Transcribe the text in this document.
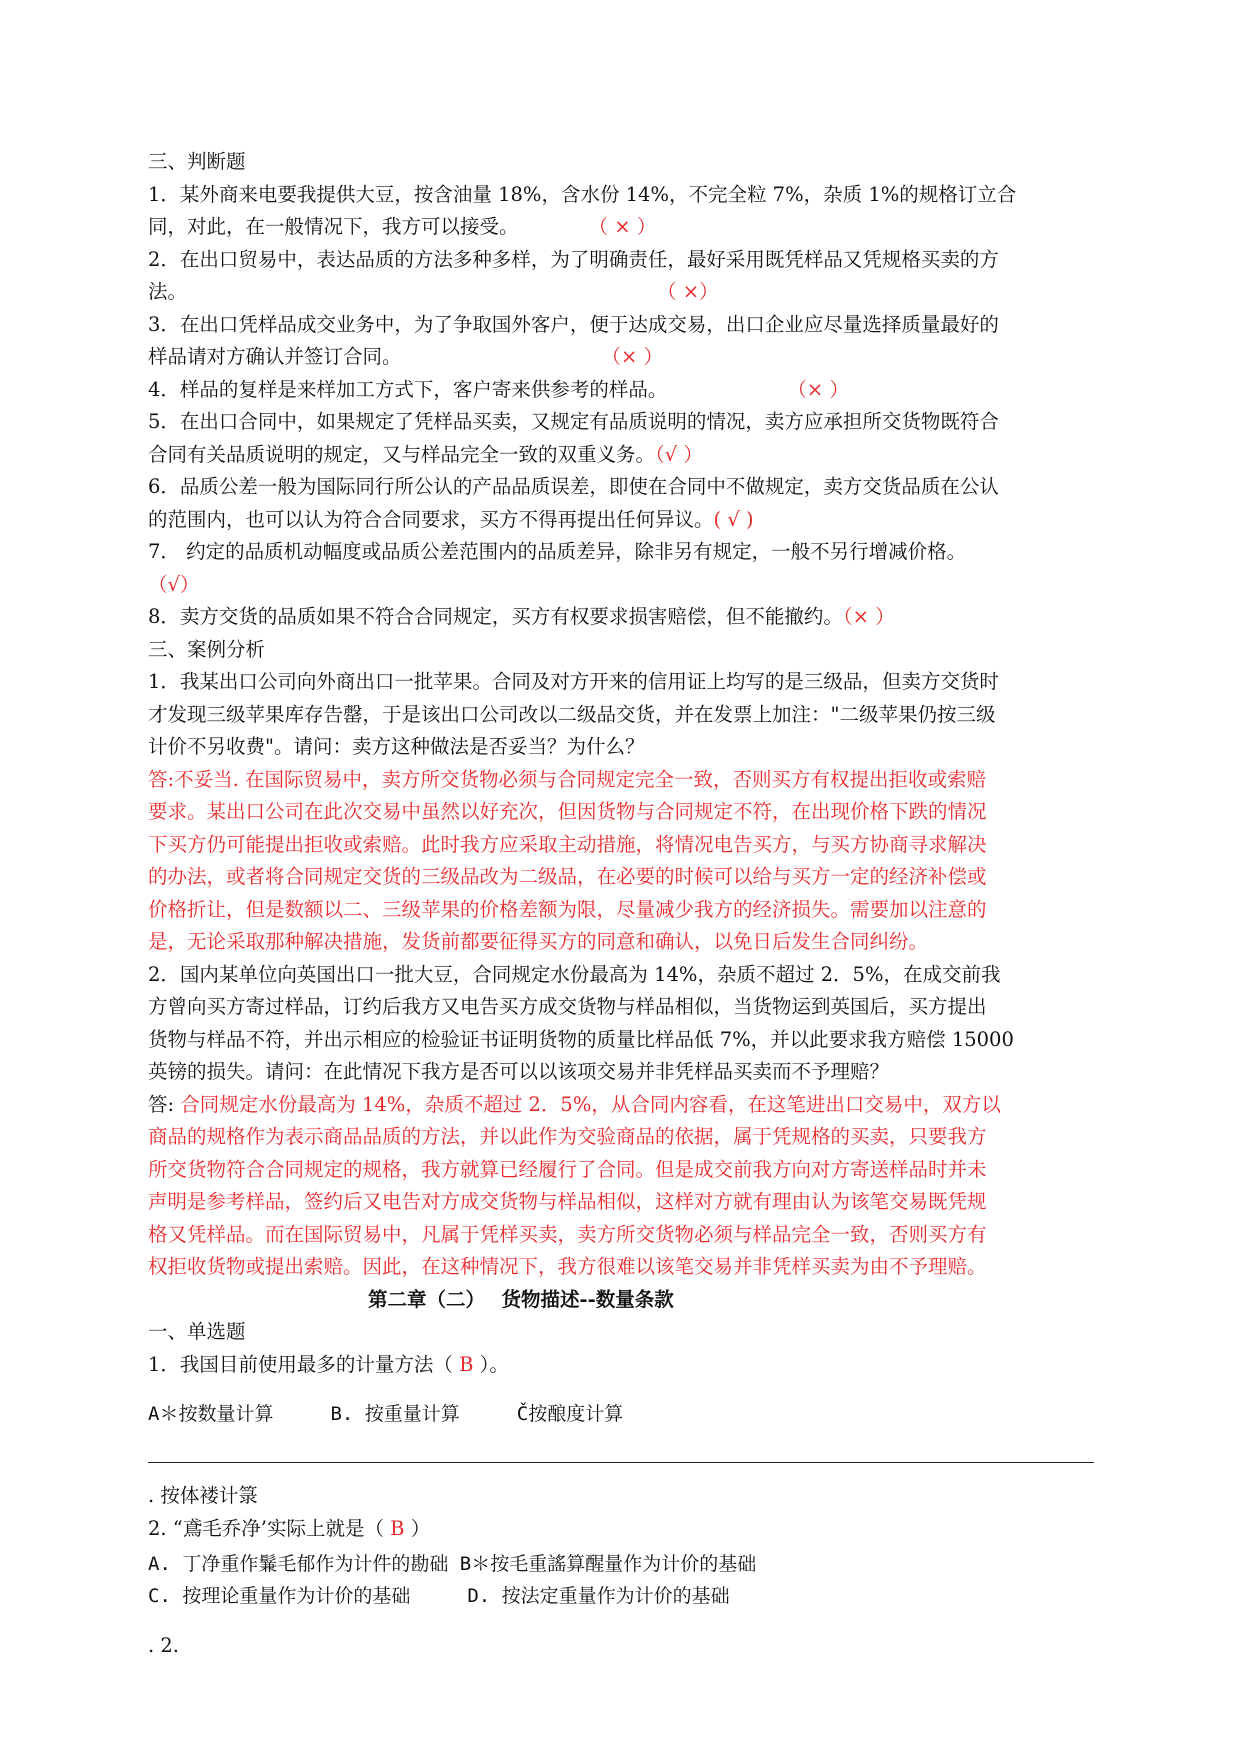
三、判断题
1．某外商来电要我提供大豆，按含油量 18%，含水份 14%，不完全粒 7%，杂质 1%的规格订立合
同，对此，在一般情况下，我方可以接受。	（ × ）
2．在出口贸易中，表达品质的方法多种多样，为了明确责任，最好采用既凭样品又凭规格买卖的方
法。	（ ×）
3．在出口凭样品成交业务中，为了争取国外客户，便于达成交易，出口企业应尽量选择质量最好的
样品请对方确认并签订合同。	（× ）
4．样品的复样是来样加工方式下，客户寄来供参考的样品。	（× ）
5．在出口合同中，如果规定了凭样品买卖，又规定有品质说明的情况，卖方应承担所交货物既符合
合同有关品质说明的规定，又与样品完全一致的双重义务。（√ ）
6．品质公差一般为国际同行所公认的产品品质误差，即使在合同中不做规定，卖方交货品质在公认
的范围内，也可以认为符合合同要求，买方不得再提出任何异议。( √ )
7． 约定的品质机动幅度或品质公差范围内的品质差异，除非另有规定，一般不另行增减价格。
（√）
8．卖方交货的品质如果不符合合同规定，买方有权要求损害赔偿，但不能撤约。（× ）
三、案例分析
1．我某出口公司向外商出口一批苹果。合同及对方开来的信用证上均写的是三级品，但卖方交货时
才发现三级苹果库存告罄，于是该出口公司改以二级品交货，并在发票上加注："二级苹果仍按三级
计价不另收费"。请问：卖方这种做法是否妥当？为什么？
答:不妥当. 在国际贸易中，卖方所交货物必须与合同规定完全一致，否则买方有权提出拒收或索赔
要求。某出口公司在此次交易中虽然以好充次，但因货物与合同规定不符，在出现价格下跌的情况
下买方仍可能提出拒收或索赔。此时我方应采取主动措施，将情况电告买方，与买方协商寻求解决
的办法，或者将合同规定交货的三级品改为二级品，在必要的时候可以给与买方一定的经济补偿或
价格折让，但是数额以二、三级苹果的价格差额为限，尽量减少我方的经济损失。需要加以注意的
是，无论采取那种解决措施，发货前都要征得买方的同意和确认，以免日后发生合同纠纷。
2．国内某单位向英国出口一批大豆，合同规定水份最高为 14%，杂质不超过 2．5%，在成交前我
方曾向买方寄过样品，订约后我方又电告买方成交货物与样品相似，当货物运到英国后，买方提出
货物与样品不符，并出示相应的检验证书证明货物的质量比样品低 7%，并以此要求我方赔偿 15000
英镑的损失。请问：在此情况下我方是否可以以该项交易并非凭样品买卖而不予理赔？
答: 合同规定水份最高为 14%，杂质不超过 2．5%，从合同内容看，在这笔进出口交易中，双方以
商品的规格作为表示商品品质的方法，并以此作为交验商品的依据，属于凭规格的买卖，只要我方
所交货物符合合同规定的规格，我方就算已经履行了合同。但是成交前我方向对方寄送样品时并未
声明是参考样品，签约后又电告对方成交货物与样品相似，这样对方就有理由认为该笔交易既凭规
格又凭样品。而在国际贸易中，凡属于凭样买卖，卖方所交货物必须与样品完全一致，否则买方有
权拒收货物或提出索赔。因此，在这种情况下，我方很难以该笔交易并非凭样买卖为由不予理赔。
第二章（二）　 货物描述--数量条款
一、单选题
1．我国目前使用最多的计量方法（ B ）。
A＊按数量计算　　　B. 按重量计算　　　Č按酿度计算
. 按体褛计箓
2. “鳶毛乔净’实际上就是（ B ）
A. 丁净重作鬑毛郁作为计件的勘础 B＊按毛重謠算醒量作为计价的基础
C. 按理论重量作为计价的基础　　　D. 按法定重量作为计价的基础
. 2.
